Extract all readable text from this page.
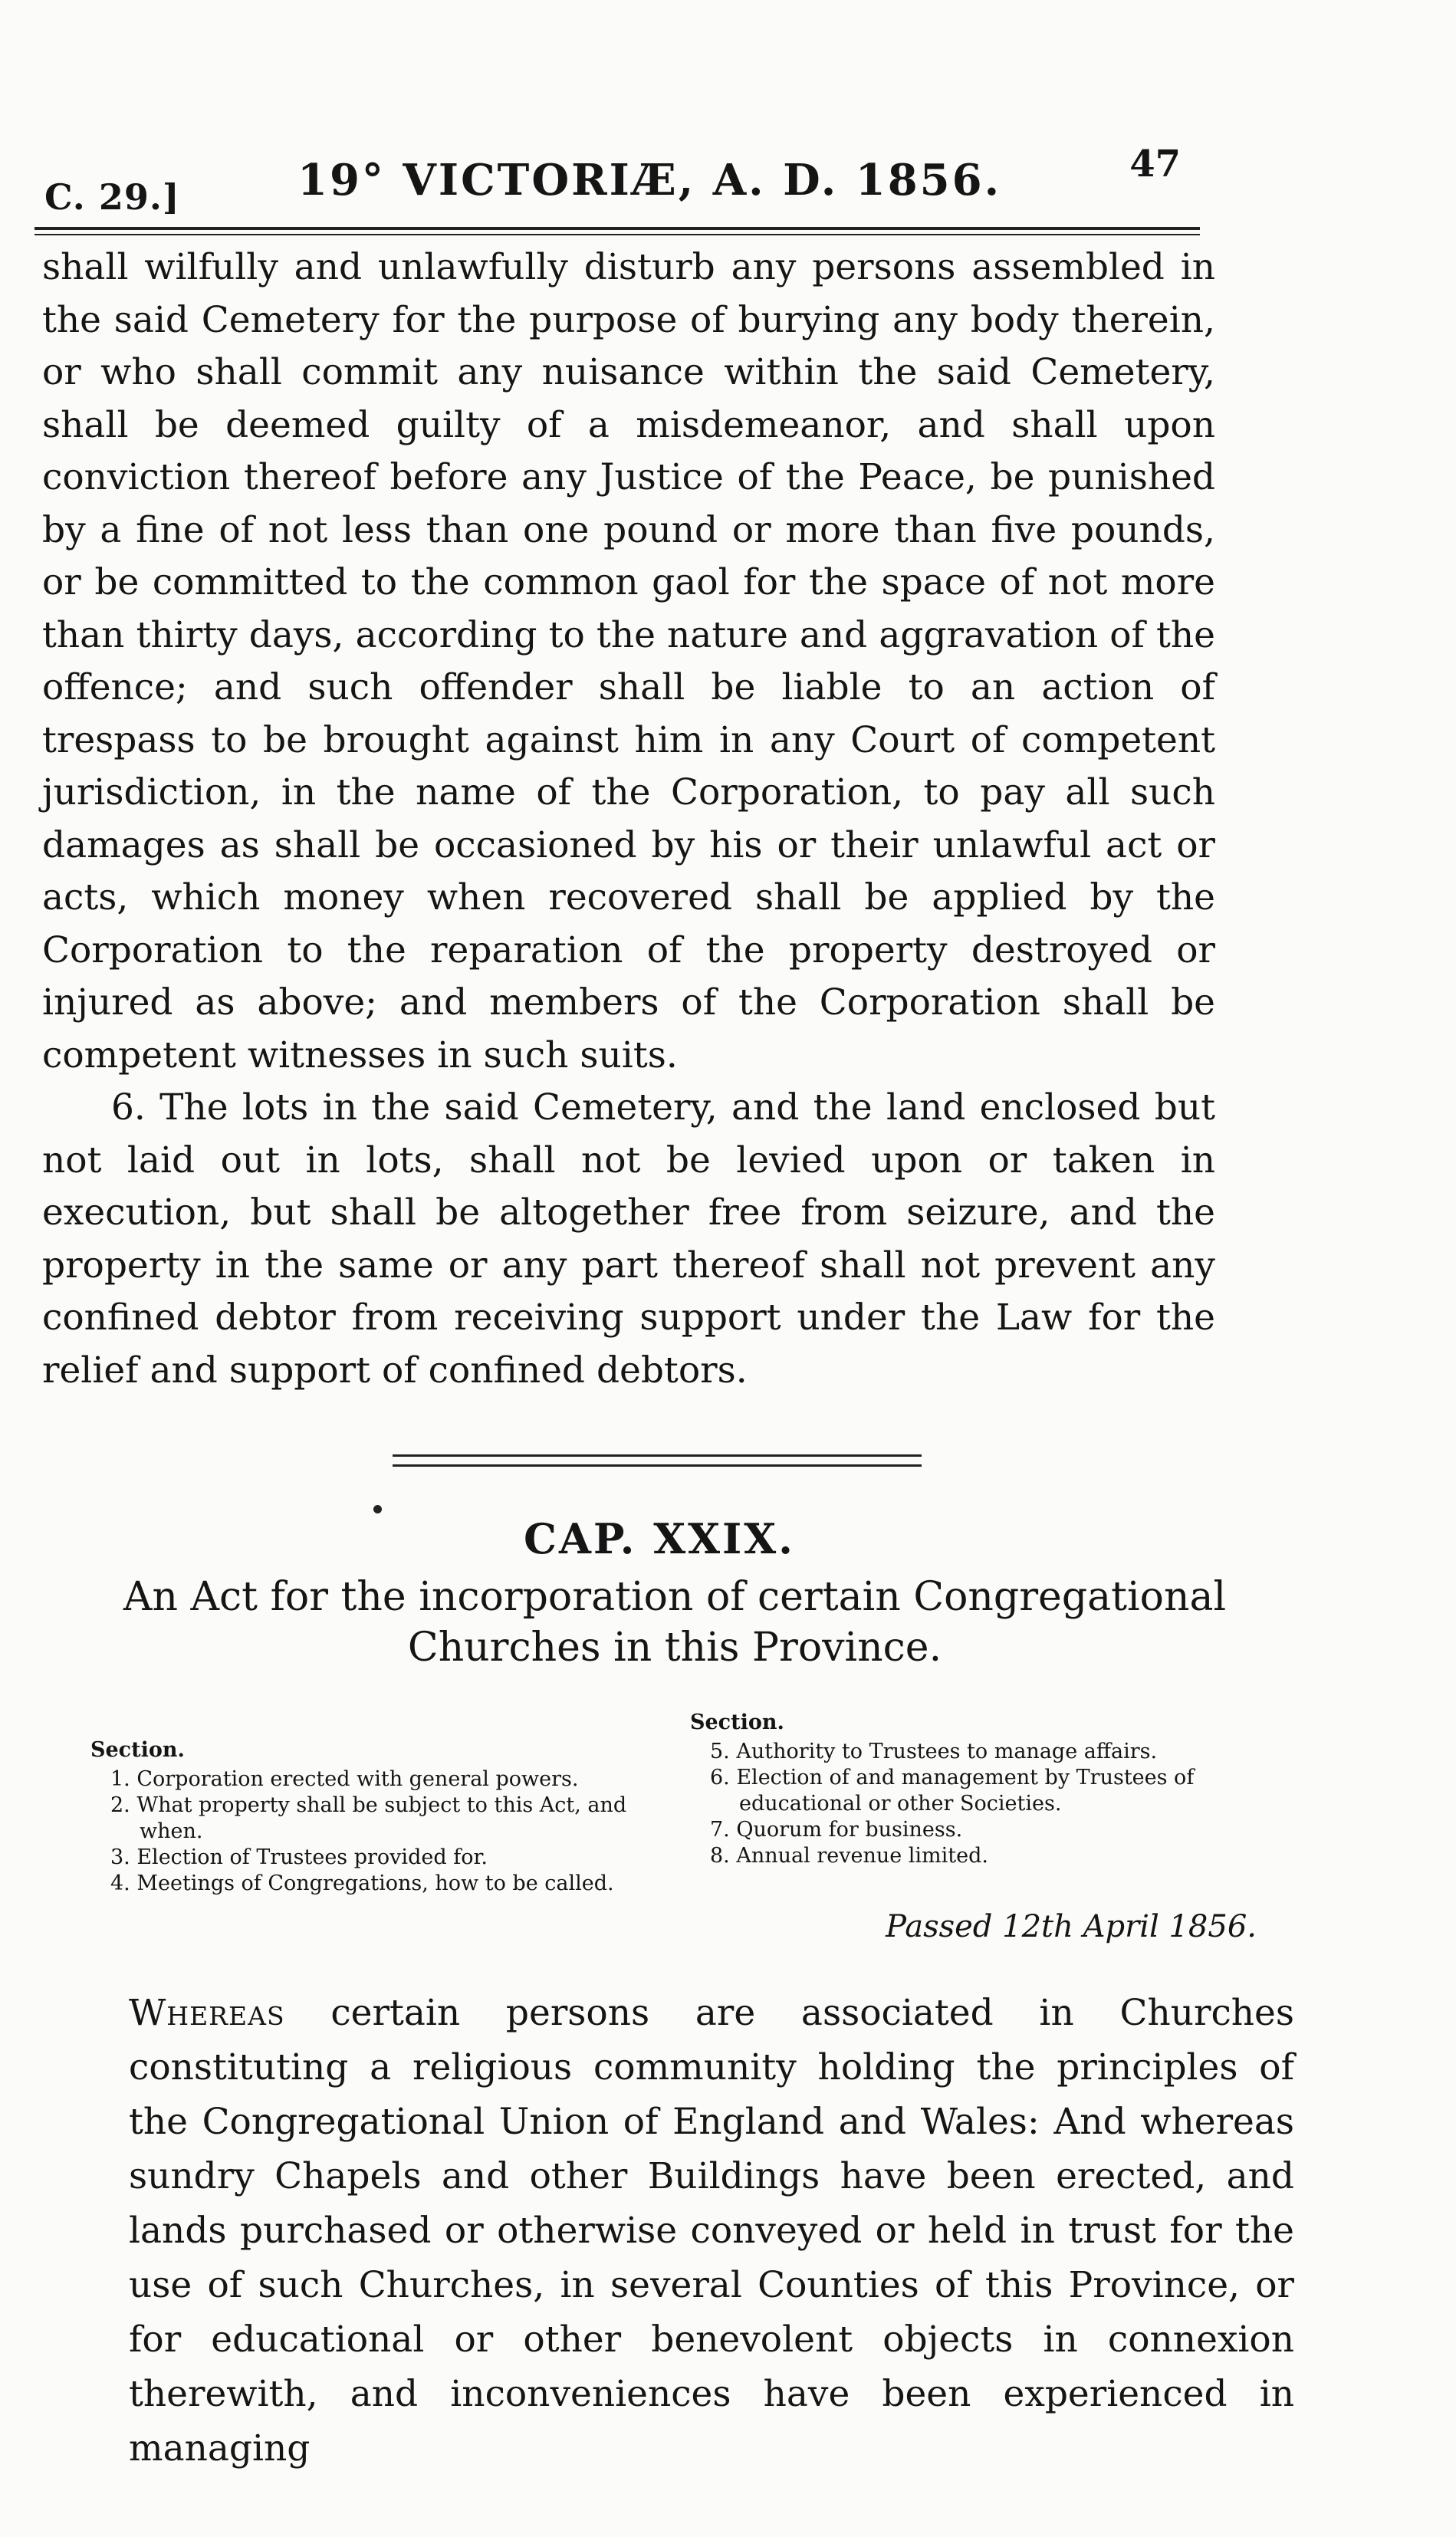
C. 29.]	19° VICTORIÆ, A. D. 1856.	47

shall wilfully and unlawfully disturb any persons assembled in the said Cemetery for the purpose of burying any body therein, or who shall commit any nuisance within the said Cemetery, shall be deemed guilty of a misdemeanor, and shall upon conviction thereof before any Justice of the Peace, be punished by a fine of not less than one pound or more than five pounds, or be committed to the common gaol for the space of not more than thirty days, according to the nature and aggravation of the offence; and such offender shall be liable to an action of trespass to be brought against him in any Court of competent jurisdiction, in the name of the Corporation, to pay all such damages as shall be occasioned by his or their unlawful act or acts, which money when recovered shall be applied by the Corporation to the reparation of the property destroyed or injured as above; and members of the Corporation shall be competent witnesses in such suits.

6. The lots in the said Cemetery, and the land enclosed but not laid out in lots, shall not be levied upon or taken in execution, but shall be altogether free from seizure, and the property in the same or any part thereof shall not prevent any confined debtor from receiving support under the Law for the relief and support of confined debtors.

CAP. XXIX.
An Act for the incorporation of certain Congregational Churches in this Province.
Section.
1. Corporation erected with general powers.
2. What property shall be subject to this Act, and when.
3. Election of Trustees provided for.
4. Meetings of Congregations, how to be called.
Section.
5. Authority to Trustees to manage affairs.
6. Election of and management by Trustees of educational or other Societies.
7. Quorum for business.
8. Annual revenue limited.
Passed 12th April 1856.
Whereas certain persons are associated in Churches constituting a religious community holding the principles of the Congregational Union of England and Wales: And whereas sundry Chapels and other Buildings have been erected, and lands purchased or otherwise conveyed or held in trust for the use of such Churches, in several Counties of this Province, or for educational or other benevolent objects in connexion therewith, and inconveniences have been experienced in managing
